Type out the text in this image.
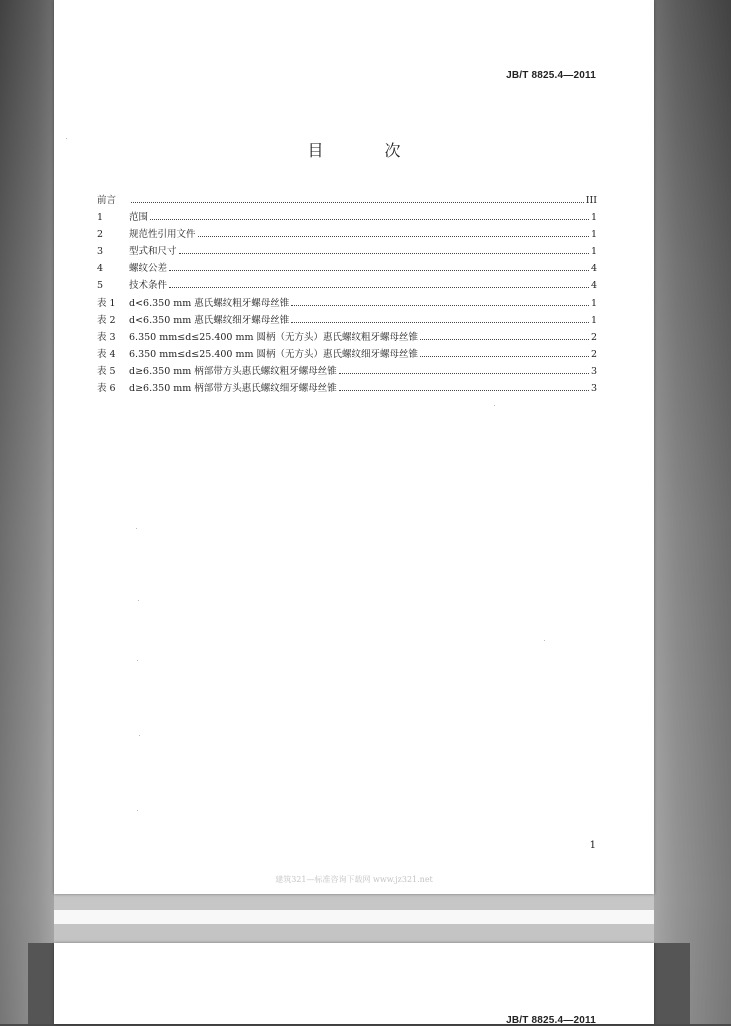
JB/T 8825.4—2011
目 次
前言	III
1	范围	1
2	规范性引用文件	1
3	型式和尺寸	1
4	螺纹公差	4
5	技术条件	4
表 1	d<6.350 mm 惠氏螺纹粗牙螺母丝锥	1
表 2	d<6.350 mm 惠氏螺纹细牙螺母丝锥	1
表 3	6.350 mm≤d≤25.400 mm 圆柄（无方头）惠氏螺纹粗牙螺母丝锥	2
表 4	6.350 mm≤d≤25.400 mm 圆柄（无方头）惠氏螺纹细牙螺母丝锥	2
表 5	d≥6.350 mm 柄部带方头惠氏螺纹粗牙螺母丝锥	3
表 6	d≥6.350 mm 柄部带方头惠氏螺纹细牙螺母丝锥	3
1
建筑321—标准咨询下载网 www.jz321.net
JB/T 8825.4—2011
